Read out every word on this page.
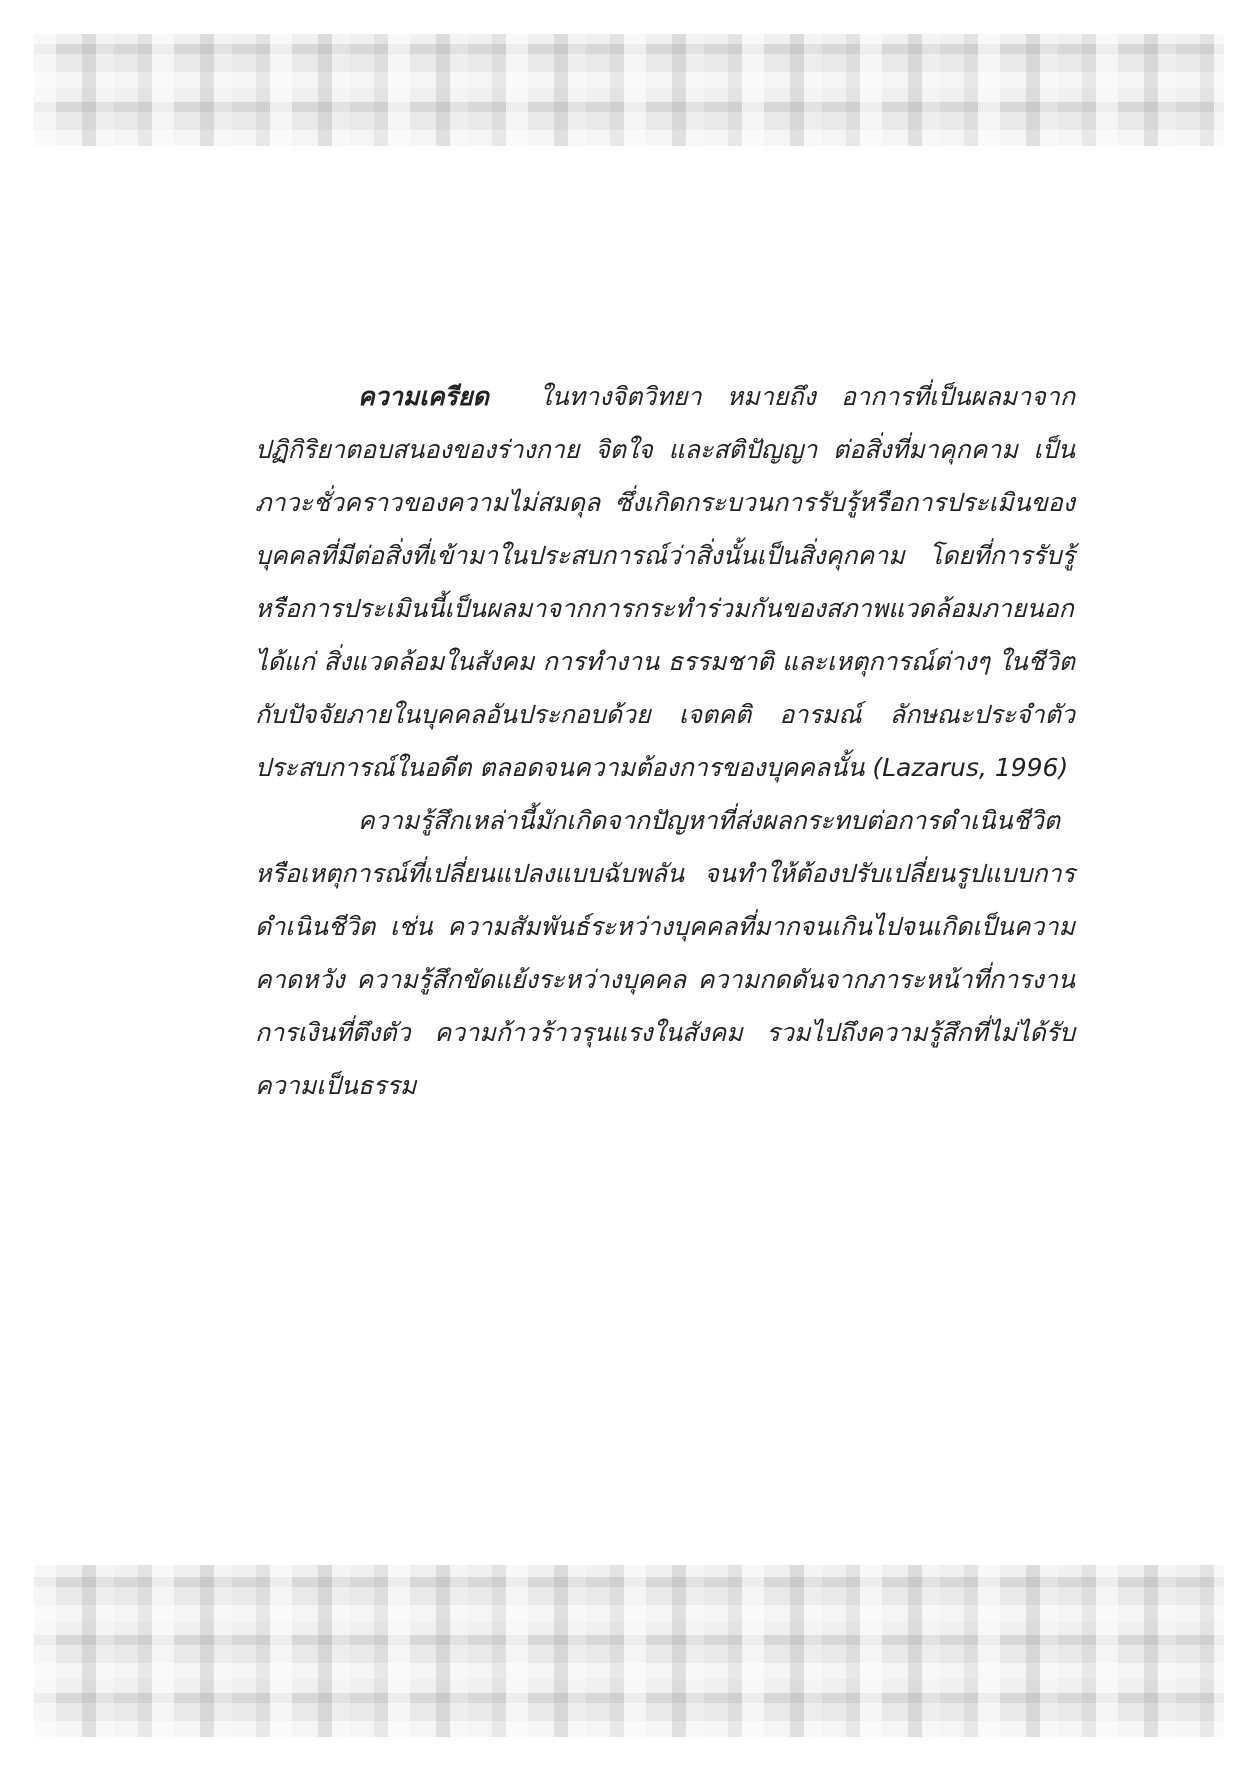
ความเครียด ในทางจิตวิทยา หมายถึง อาการที่เป็นผลมาจากปฏิกิริยาตอบสนองของร่างกาย จิตใจ และสติปัญญา ต่อสิ่งที่มาคุกคาม เป็นภาวะชั่วคราวของความไม่สมดุล ซึ่งเกิดกระบวนการรับรู้หรือการประเมินของบุคคลที่มีต่อสิ่งที่เข้ามาในประสบการณ์ว่าสิ่งนั้นเป็นสิ่งคุกคาม โดยที่การรับรู้หรือการประเมินนี้เป็นผลมาจากการกระทำร่วมกันของสภาพแวดล้อมภายนอก ได้แก่ สิ่งแวดล้อมในสังคม การทำงาน ธรรมชาติ และเหตุการณ์ต่างๆ ในชีวิต กับปัจจัยภายในบุคคลอันประกอบด้วย เจตคติ อารมณ์ ลักษณะประจำตัว ประสบการณ์ในอดีต ตลอดจนความต้องการของบุคคลนั้น (Lazarus, 1996)

ความรู้สึกเหล่านี้มักเกิดจากปัญหาที่ส่งผลกระทบต่อการดำเนินชีวิต หรือเหตุการณ์ที่เปลี่ยนแปลงแบบฉับพลัน จนทำให้ต้องปรับเปลี่ยนรูปแบบการดำเนินชีวิต เช่น ความสัมพันธ์ระหว่างบุคคลที่มากจนเกินไปจนเกิดเป็นความคาดหวัง ความรู้สึกขัดแย้งระหว่างบุคคล ความกดดันจากภาระหน้าที่การงาน การเงินที่ตึงตัว ความก้าวร้าวรุนแรงในสังคม รวมไปถึงความรู้สึกที่ไม่ได้รับความเป็นธรรม
